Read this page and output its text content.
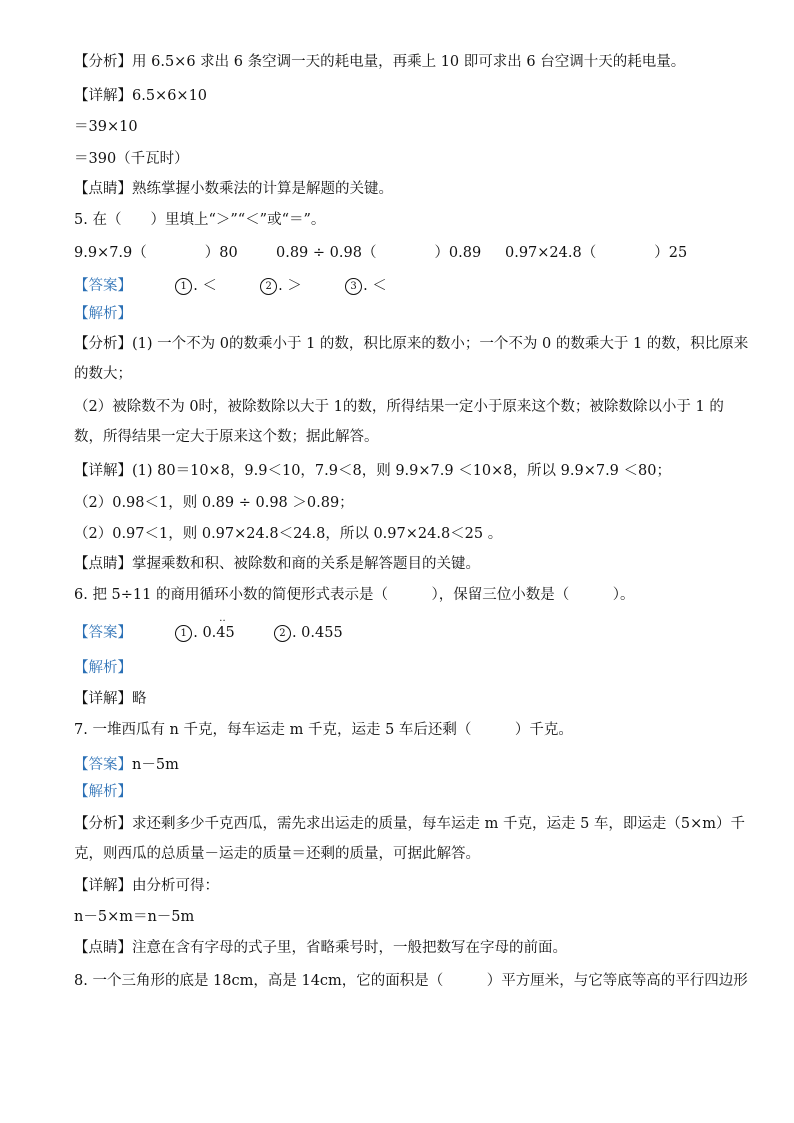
【分析】用 6.5×6 求出 6 条空调一天的耗电量，再乘上 10 即可求出 6 台空调十天的耗电量。
【详解】6.5×6×10
＝39×10
＝390（千瓦时）
【点睛】熟练掌握小数乘法的计算是解题的关键。
5. 在（　　）里填上“＞”“＜”或“＝”。
【解析】
【分析】(1) 一个不为 0的数乘小于 1 的数，积比原来的数小；一个不为 0 的数乘大于 1 的数，积比原来
的数大；
（2）被除数不为 0时，被除数除以大于 1的数，所得结果一定小于原来这个数；被除数除以小于 1 的
数，所得结果一定大于原来这个数；据此解答。
【详解】(1) 80＝10×8，9.9＜10，7.9＜8，则 9.9×7.9 ＜10×8，所以 9.9×7.9 ＜80；
（2）0.98＜1，则 0.89 ÷ 0.98 ＞0.89；
（2）0.97＜1，则 0.97×24.8＜24.8，所以 0.97×24.8＜25 。
【点睛】掌握乘数和积、被除数和商的关系是解答题目的关键。
6. 把 5÷11 的商用循环小数的简便形式表示是（　　　），保留三位小数是（　　　）。
【解析】
【详解】略
7. 一堆西瓜有 n 千克，每车运走 m 千克，运走 5 车后还剩（　　　）千克。
【解析】
【分析】求还剩多少千克西瓜，需先求出运走的质量，每车运走 m 千克，运走 5 车，即运走（5×m）千
克，则西瓜的总质量－运走的质量＝还剩的质量，可据此解答。
【详解】由分析可得：
n－5×m＝n－5m
【点睛】注意在含有字母的式子里，省略乘号时，一般把数写在字母的前面。
8. 一个三角形的底是 18cm，高是 14cm，它的面积是（　　　）平方厘米，与它等底等高的平行四边形
9.9×7.9（　　　　）80	0.89 ÷ 0.98（　　　　）0.89 0.97×24.8（　　　　）25
【答案】	1 . ＜	2 . ＞	3 . ＜
【答案】	1 . 0.
··
45	2 . 0.455
【答案】n－5m
